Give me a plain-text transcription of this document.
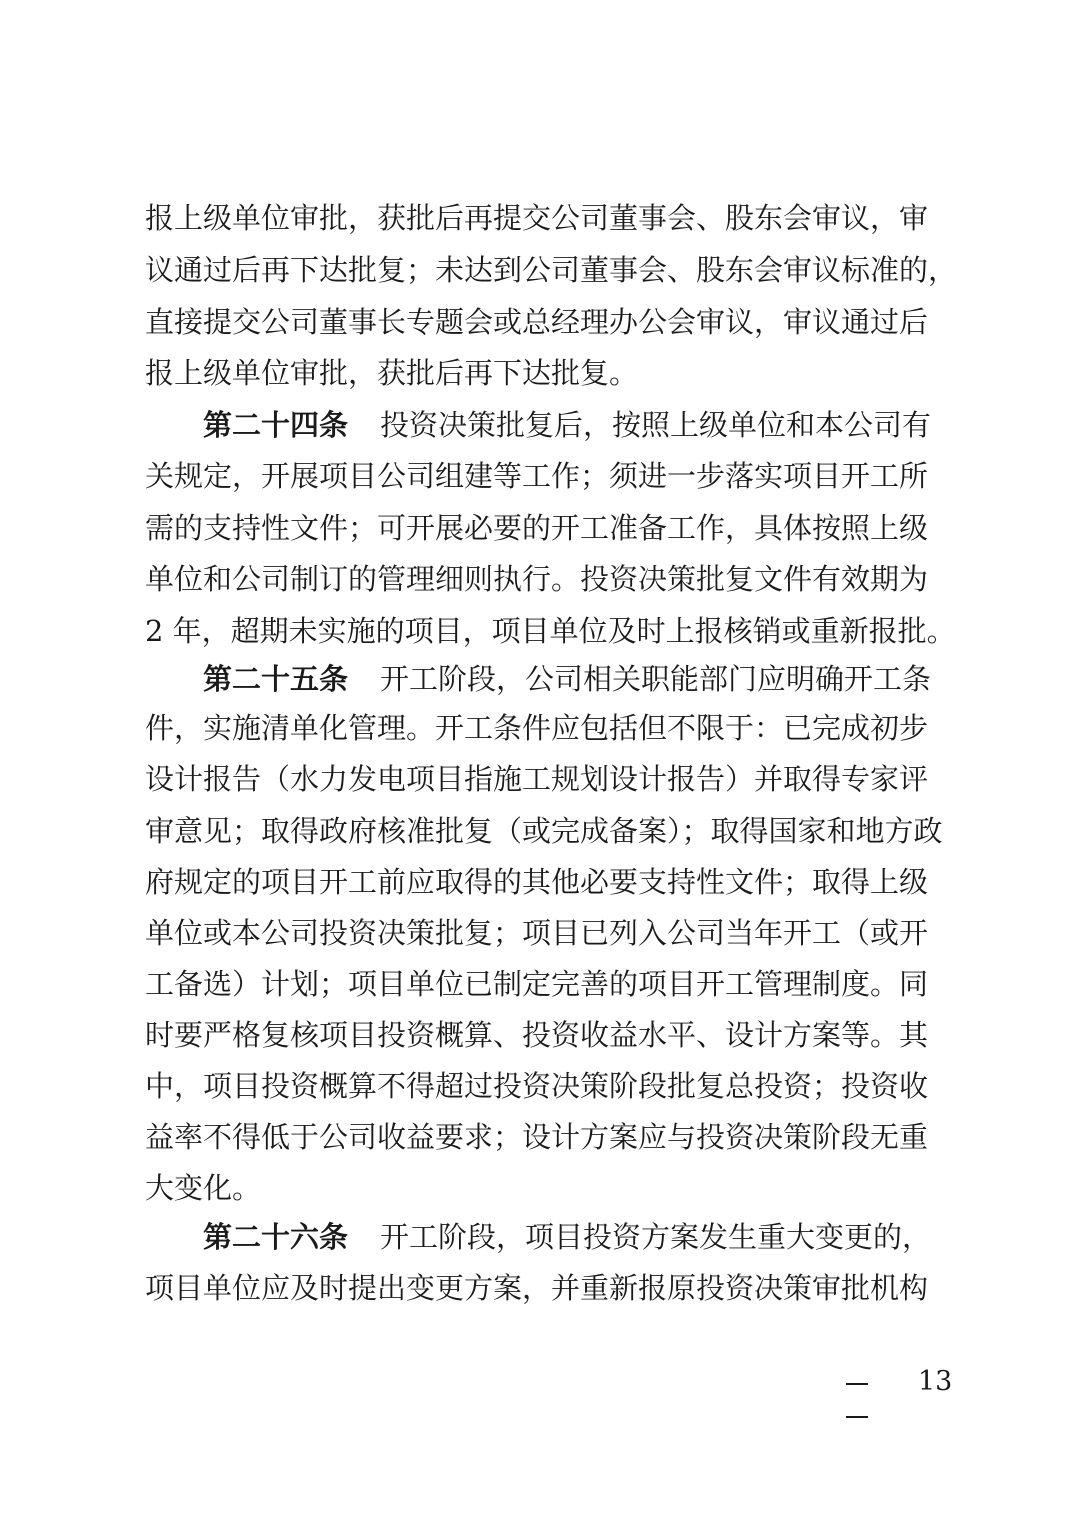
报上级单位审批，获批后再提交公司董事会、股东会审议，审
议通过后再下达批复；未达到公司董事会、股东会审议标准的，
直接提交公司董事长专题会或总经理办公会审议，审议通过后
报上级单位审批，获批后再下达批复。
第二十四条 投资决策批复后，按照上级单位和本公司有
关规定，开展项目公司组建等工作；须进一步落实项目开工所
需的支持性文件；可开展必要的开工准备工作，具体按照上级
单位和公司制订的管理细则执行。投资决策批复文件有效期为
2 年，超期未实施的项目，项目单位及时上报核销或重新报批。
第二十五条 开工阶段，公司相关职能部门应明确开工条
件，实施清单化管理。开工条件应包括但不限于：已完成初步
设计报告（水力发电项目指施工规划设计报告）并取得专家评
审意见；取得政府核准批复（或完成备案）；取得国家和地方政
府规定的项目开工前应取得的其他必要支持性文件；取得上级
单位或本公司投资决策批复；项目已列入公司当年开工（或开
工备选）计划；项目单位已制定完善的项目开工管理制度。同
时要严格复核项目投资概算、投资收益水平、设计方案等。其
中，项目投资概算不得超过投资决策阶段批复总投资；投资收
益率不得低于公司收益要求；设计方案应与投资决策阶段无重
大变化。
第二十六条 开工阶段，项目投资方案发生重大变更的，
项目单位应及时提出变更方案，并重新报原投资决策审批机构
13
